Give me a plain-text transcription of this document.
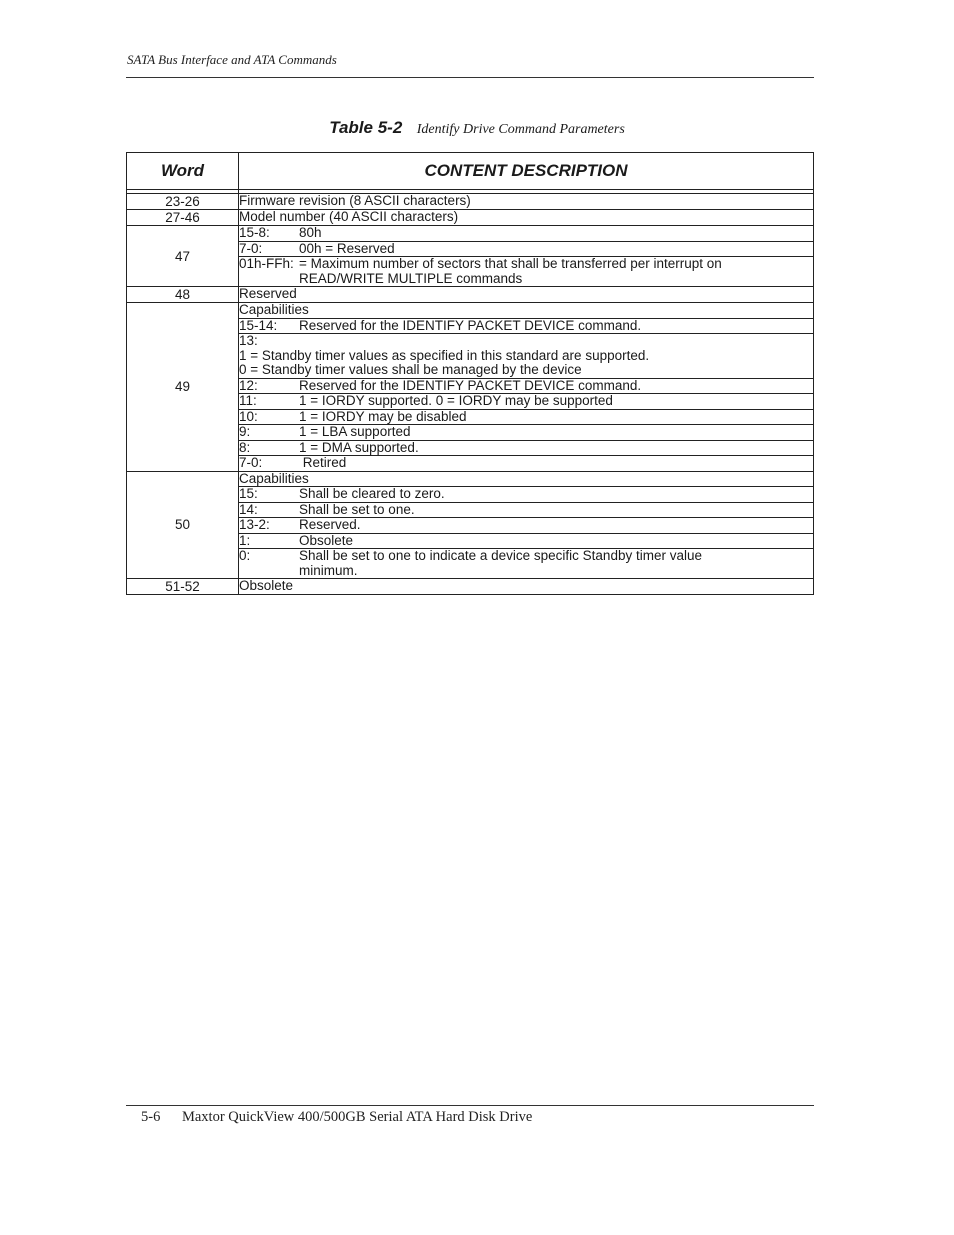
SATA Bus Interface and ATA Commands
Table 5-2 Identify Drive Command Parameters
Word	CONTENT DESCRIPTION

23-26	Firmware revision (8 ASCII characters)

27-46	Model number (40 ASCII characters)

47	15-8: 80h
	7-0: 00h = Reserved
	01h-FFh: = Maximum number of sectors that shall be transferred per interrupt on
READ/WRITE MULTIPLE commands

48	Reserved

49	Capabilities

	15-14: Reserved for the IDENTIFY PACKET DEVICE command.

	13:
1 = Standby timer values as specified in this standard are supported.
0 = Standby timer values shall be managed by the device

	12: Reserved for the IDENTIFY PACKET DEVICE command.
	11: 1 = IORDY supported. 0 = IORDY may be supported
	10: 1 = IORDY may be disabled
	9: 1 = LBA supported
	8: 1 = DMA supported.
	7-0: Retired
50	Capabilities

	15: Shall be cleared to zero.
	14: Shall be set to one.
	13-2: Reserved.
	1: Obsolete
	0: Shall be set to one to indicate a device specific Standby timer value
minimum.

51-52	Obsolete
5-6 Maxtor QuickView 400/500GB Serial ATA Hard Disk Drive
